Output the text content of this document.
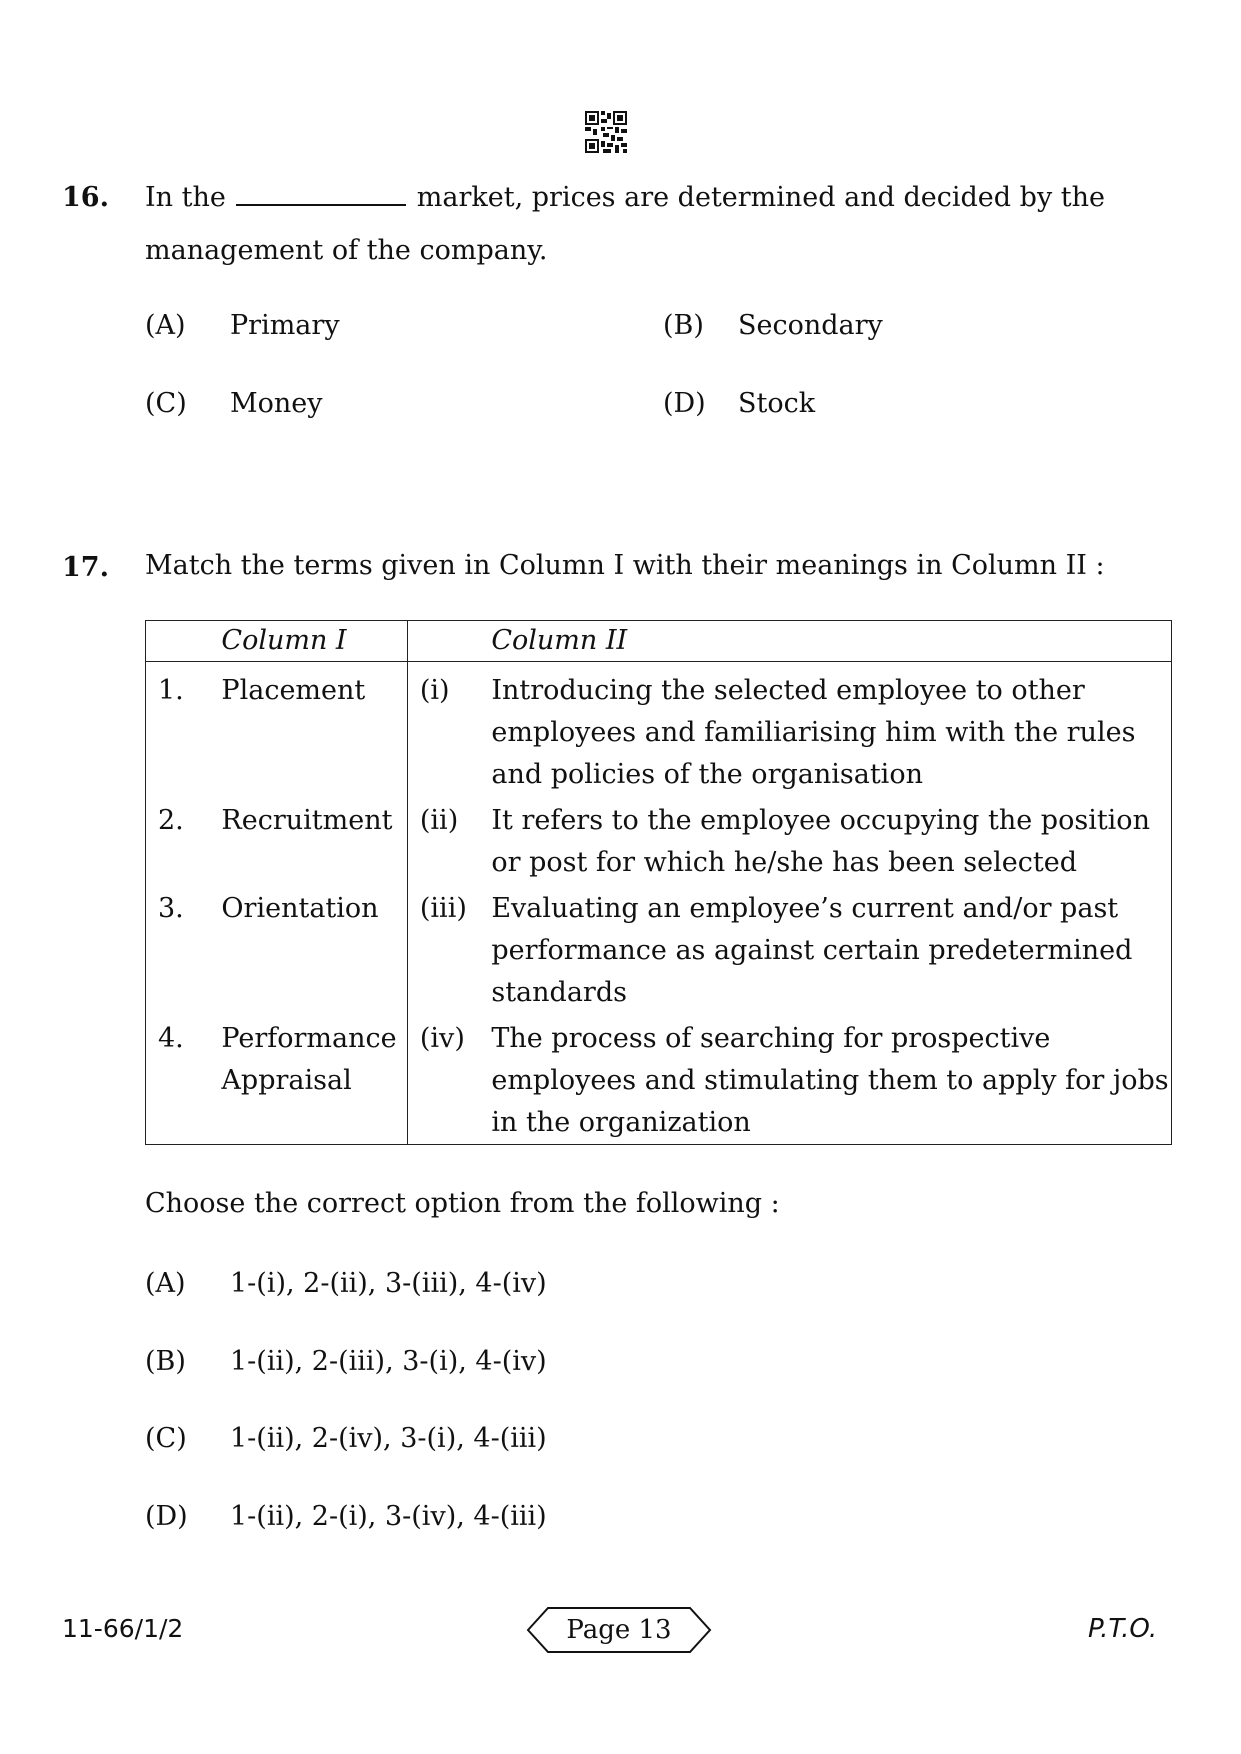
16. In the	market, prices are determined and decided by the
management of the company.
(A) Primary	(B) Secondary
(C) Money	(D) Stock
17. Match the terms given in Column I with their meanings in Column II :
	Column I		Column II
1.	Placement	(i)	Introducing the selected employee to other employees and familiarising him with the rules and policies of the organisation
2.	Recruitment	(ii)	It refers to the employee occupying the position or post for which he/she has been selected
3.	Orientation	(iii)	Evaluating an employee’s current and/or past performance as against certain predetermined standards
4.	Performance Appraisal	(iv)	The process of searching for prospective employees and stimulating them to apply for jobs in the organization
Choose the correct option from the following :
(A) 1-(i), 2-(ii), 3-(iii), 4-(iv)
(B) 1-(ii), 2-(iii), 3-(i), 4-(iv)
(C) 1-(ii), 2-(iv), 3-(i), 4-(iii)
(D) 1-(ii), 2-(i), 3-(iv), 4-(iii)
11-66/1/2	Page 13	P.T.O.
